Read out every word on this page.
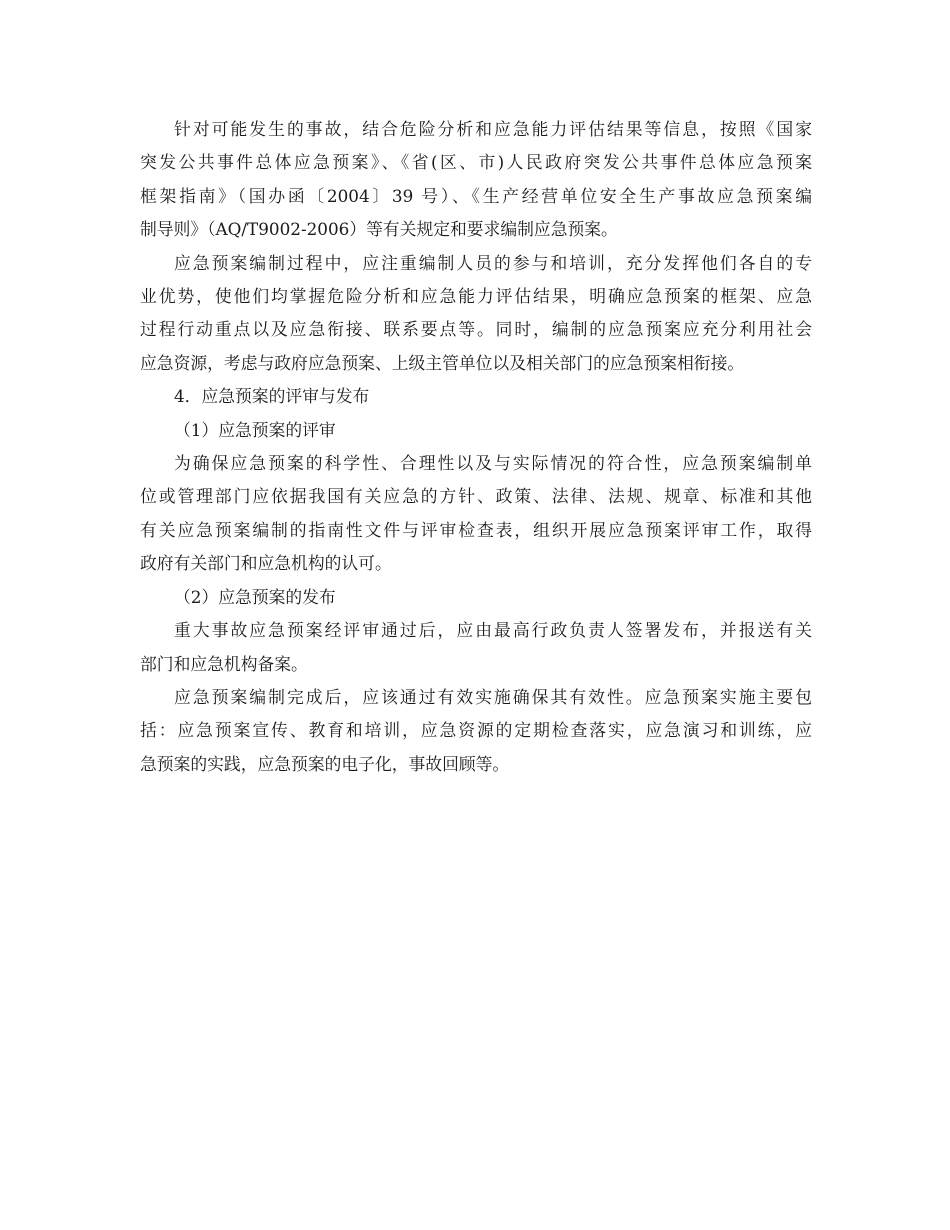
针对可能发生的事故，结合危险分析和应急能力评估结果等信息，按照《国家
突发公共事件总体应急预案》、《省(区、市)人民政府突发公共事件总体应急预案
框架指南》（国办函〔2004〕39 号）、《生产经营单位安全生产事故应急预案编
制导则》（AQ/T9002-2006）等有关规定和要求编制应急预案。
应急预案编制过程中，应注重编制人员的参与和培训，充分发挥他们各自的专
业优势，使他们均掌握危险分析和应急能力评估结果，明确应急预案的框架、应急
过程行动重点以及应急衔接、联系要点等。同时，编制的应急预案应充分利用社会
应急资源，考虑与政府应急预案、上级主管单位以及相关部门的应急预案相衔接。

4．应急预案的评审与发布

（1）应急预案的评审

为确保应急预案的科学性、合理性以及与实际情况的符合性，应急预案编制单
位或管理部门应依据我国有关应急的方针、政策、法律、法规、规章、标准和其他
有关应急预案编制的指南性文件与评审检查表，组织开展应急预案评审工作，取得
政府有关部门和应急机构的认可。

（2）应急预案的发布

重大事故应急预案经评审通过后，应由最高行政负责人签署发布，并报送有关
部门和应急机构备案。
应急预案编制完成后，应该通过有效实施确保其有效性。应急预案实施主要包
括：应急预案宣传、教育和培训，应急资源的定期检查落实，应急演习和训练，应
急预案的实践，应急预案的电子化，事故回顾等。
